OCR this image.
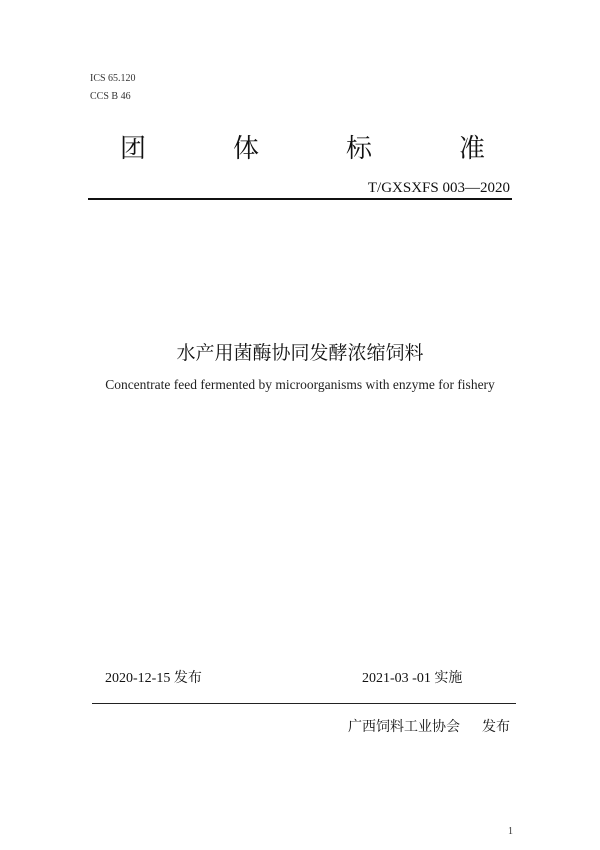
ICS 65.120
CCS B 46
团	体	标	准
T/GXSXFS 003—2020
水产用菌酶协同发酵浓缩饲料
Concentrate feed fermented by microorganisms with enzyme for fishery
2020-12-15 发布	2021-03 -01 实施
广西饲料工业协会 发布
1
